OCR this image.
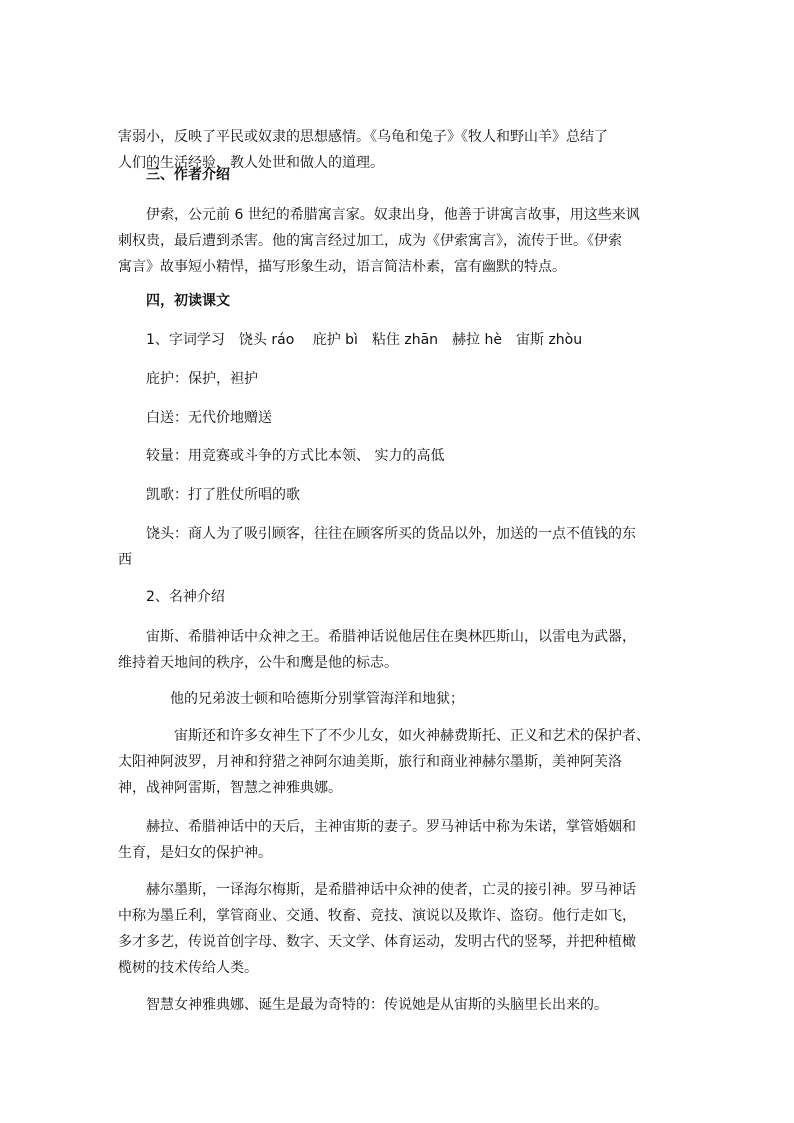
害弱小，反映了平民或奴隶的思想感情。《乌龟和兔子》《牧人和野山羊》总结了
人们的生活经验，教人处世和做人的道理。
三、作者介绍
伊索，公元前 6 世纪的希腊寓言家。奴隶出身，他善于讲寓言故事，用这些来讽
刺权贵，最后遭到杀害。他的寓言经过加工，成为《伊索寓言》，流传于世。《伊索
寓言》故事短小精悍，描写形象生动，语言简洁朴素，富有幽默的特点。
四，初读课文
1、字词学习　饶头 ráo　 庇护 bì　粘住 zhān　赫拉 hè　宙斯 zhòu
庇护：保护，袒护
白送：无代价地赠送
较量：用竞赛或斗争的方式比本领、 实力的高低
凯歌：打了胜仗所唱的歌
饶头：商人为了吸引顾客，往往在顾客所买的货品以外，加送的一点不值钱的东
西
2、名神介绍
宙斯、希腊神话中众神之王。希腊神话说他居住在奥林匹斯山，以雷电为武器，
维持着天地间的秩序，公牛和鹰是他的标志。
他的兄弟波士顿和哈德斯分别掌管海洋和地狱；
宙斯还和许多女神生下了不少儿女，如火神赫费斯托、正义和艺术的保护者、
太阳神阿波罗，月神和狩猎之神阿尔迪美斯，旅行和商业神赫尔墨斯，美神阿芙洛
神，战神阿雷斯，智慧之神雅典娜。
赫拉、希腊神话中的天后，主神宙斯的妻子。罗马神话中称为朱诺，掌管婚姻和
生育，是妇女的保护神。
赫尔墨斯，一译海尔梅斯，是希腊神话中众神的使者，亡灵的接引神。罗马神话
中称为墨丘利，掌管商业、交通、牧畜、竞技、演说以及欺诈、盗窃。他行走如飞，
多才多艺，传说首创字母、数字、天文学、体育运动，发明古代的竖琴，并把种植橄
榄树的技术传给人类。
智慧女神雅典娜、诞生是最为奇特的：传说她是从宙斯的头脑里长出来的。
